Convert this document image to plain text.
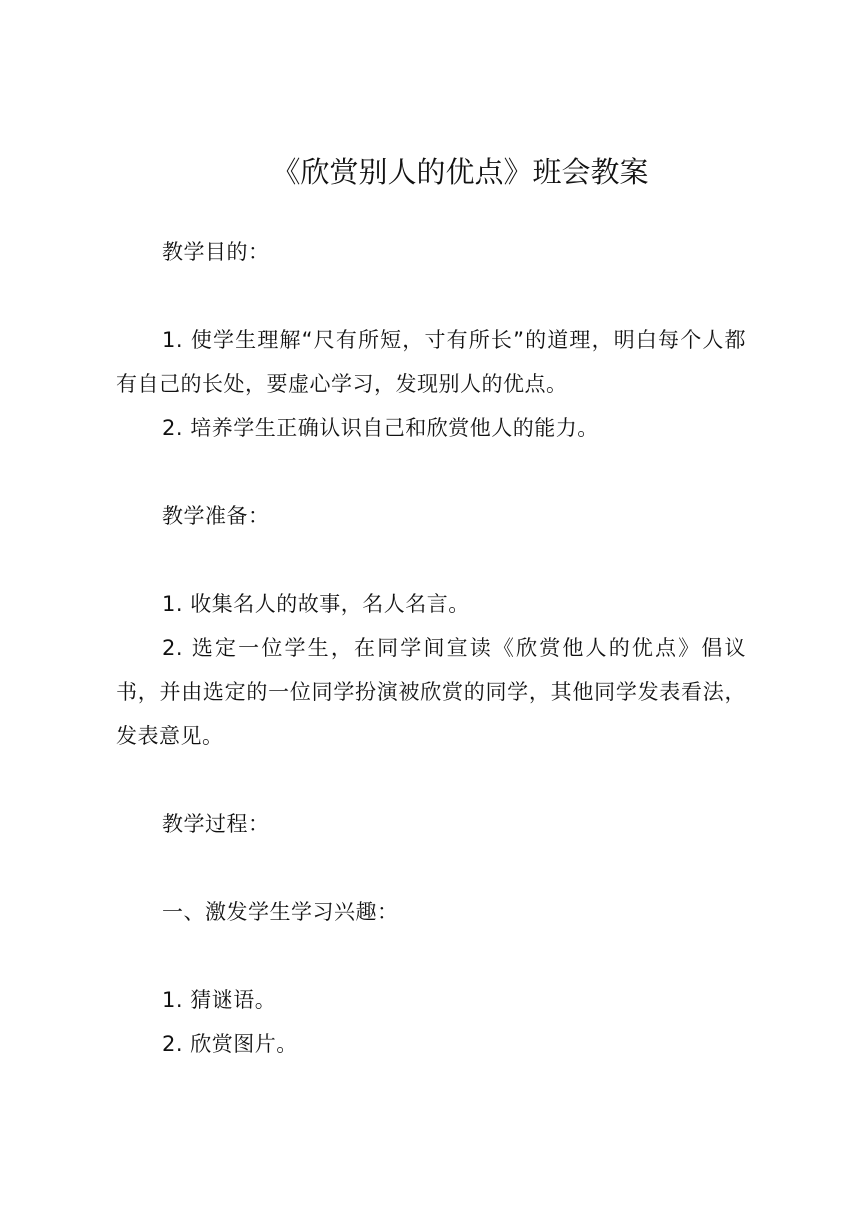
《欣赏别人的优点》班会教案

教学目的：

1. 使学生理解“尺有所短，寸有所长”的道理，明白每个人都有自己的长处，要虚心学习，发现别人的优点。

2. 培养学生正确认识自己和欣赏他人的能力。

教学准备：

1. 收集名人的故事，名人名言。

2. 选定一位学生，在同学间宣读《欣赏他人的优点》倡议书，并由选定的一位同学扮演被欣赏的同学，其他同学发表看法，发表意见。

教学过程：

一、激发学生学习兴趣：

1. 猜谜语。

2. 欣赏图片。
